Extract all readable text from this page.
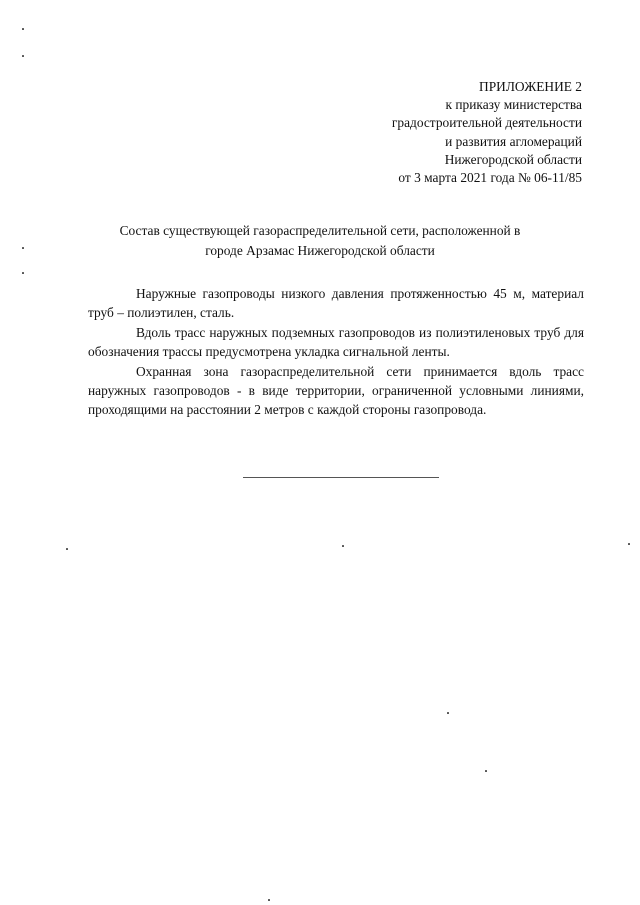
ПРИЛОЖЕНИЕ 2
к приказу министерства
градостроительной деятельности
и развития агломераций
Нижегородской области
от 3 марта 2021 года № 06-11/85
Состав существующей газораспределительной сети, расположенной в
городе Арзамас Нижегородской области

Наружные газопроводы низкого давления протяженностью 45 м, материал труб – полиэтилен, сталь.

Вдоль трасс наружных подземных газопроводов из полиэтиленовых труб для обозначения трассы предусмотрена укладка сигнальной ленты.

Охранная зона газораспределительной сети принимается вдоль трасс наружных газопроводов - в виде территории, ограниченной условными линиями, проходящими на расстоянии 2 метров с каждой стороны газопровода.
